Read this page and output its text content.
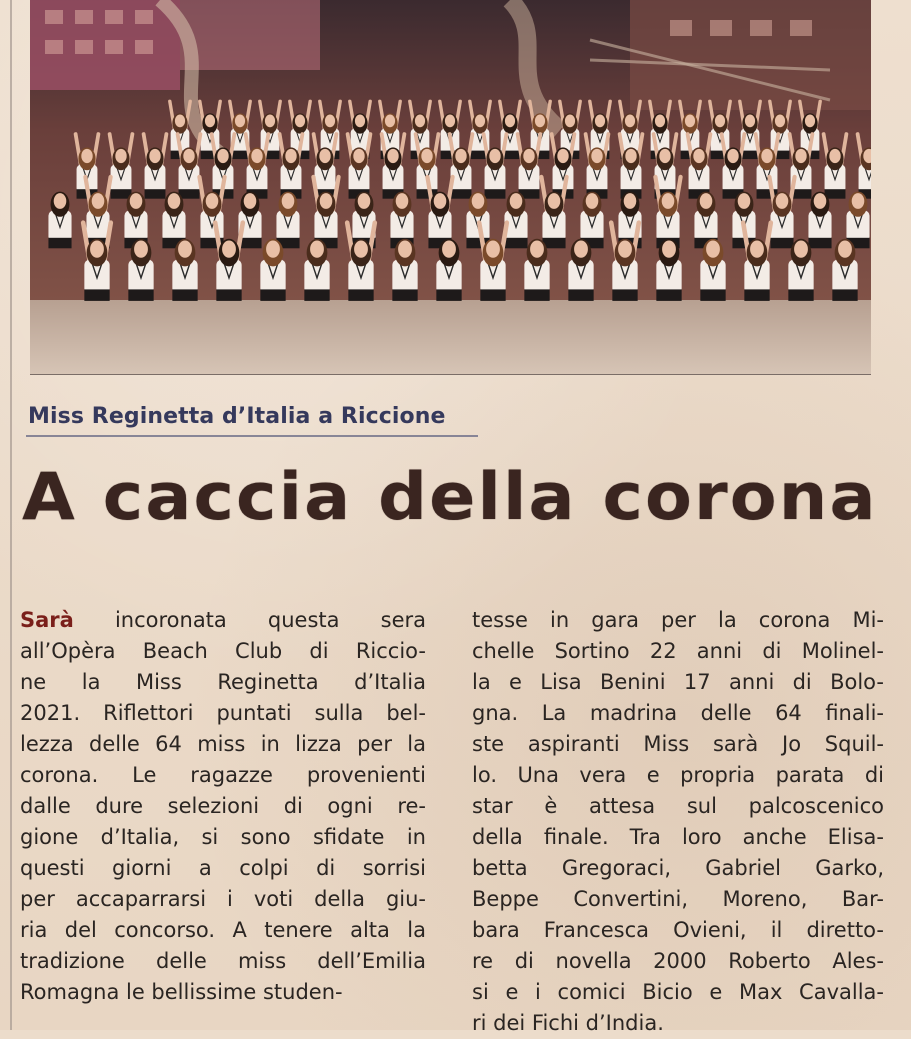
Miss Reginetta d’Italia a Riccione
A caccia della corona
Sarà incoronata questa sera
all’Opèra Beach Club di Riccio-
ne la Miss Reginetta d’Italia
2021. Riflettori puntati sulla bel-
lezza delle 64 miss in lizza per la
corona. Le ragazze provenienti
dalle dure selezioni di ogni re-
gione d’Italia, si sono sfidate in
questi giorni a colpi di sorrisi
per accaparrarsi i voti della giu-
ria del concorso. A tenere alta la
tradizione delle miss dell’Emilia
Romagna le bellissime studen-
tesse in gara per la corona Mi-
chelle Sortino 22 anni di Molinel-
la e Lisa Benini 17 anni di Bolo-
gna. La madrina delle 64 finali-
ste aspiranti Miss sarà Jo Squil-
lo. Una vera e propria parata di
star è attesa sul palcoscenico
della finale. Tra loro anche Elisa-
betta Gregoraci, Gabriel Garko,
Beppe Convertini, Moreno, Bar-
bara Francesca Ovieni, il diretto-
re di novella 2000 Roberto Ales-
si e i comici Bicio e Max Cavalla-
ri dei Fichi d’India.
